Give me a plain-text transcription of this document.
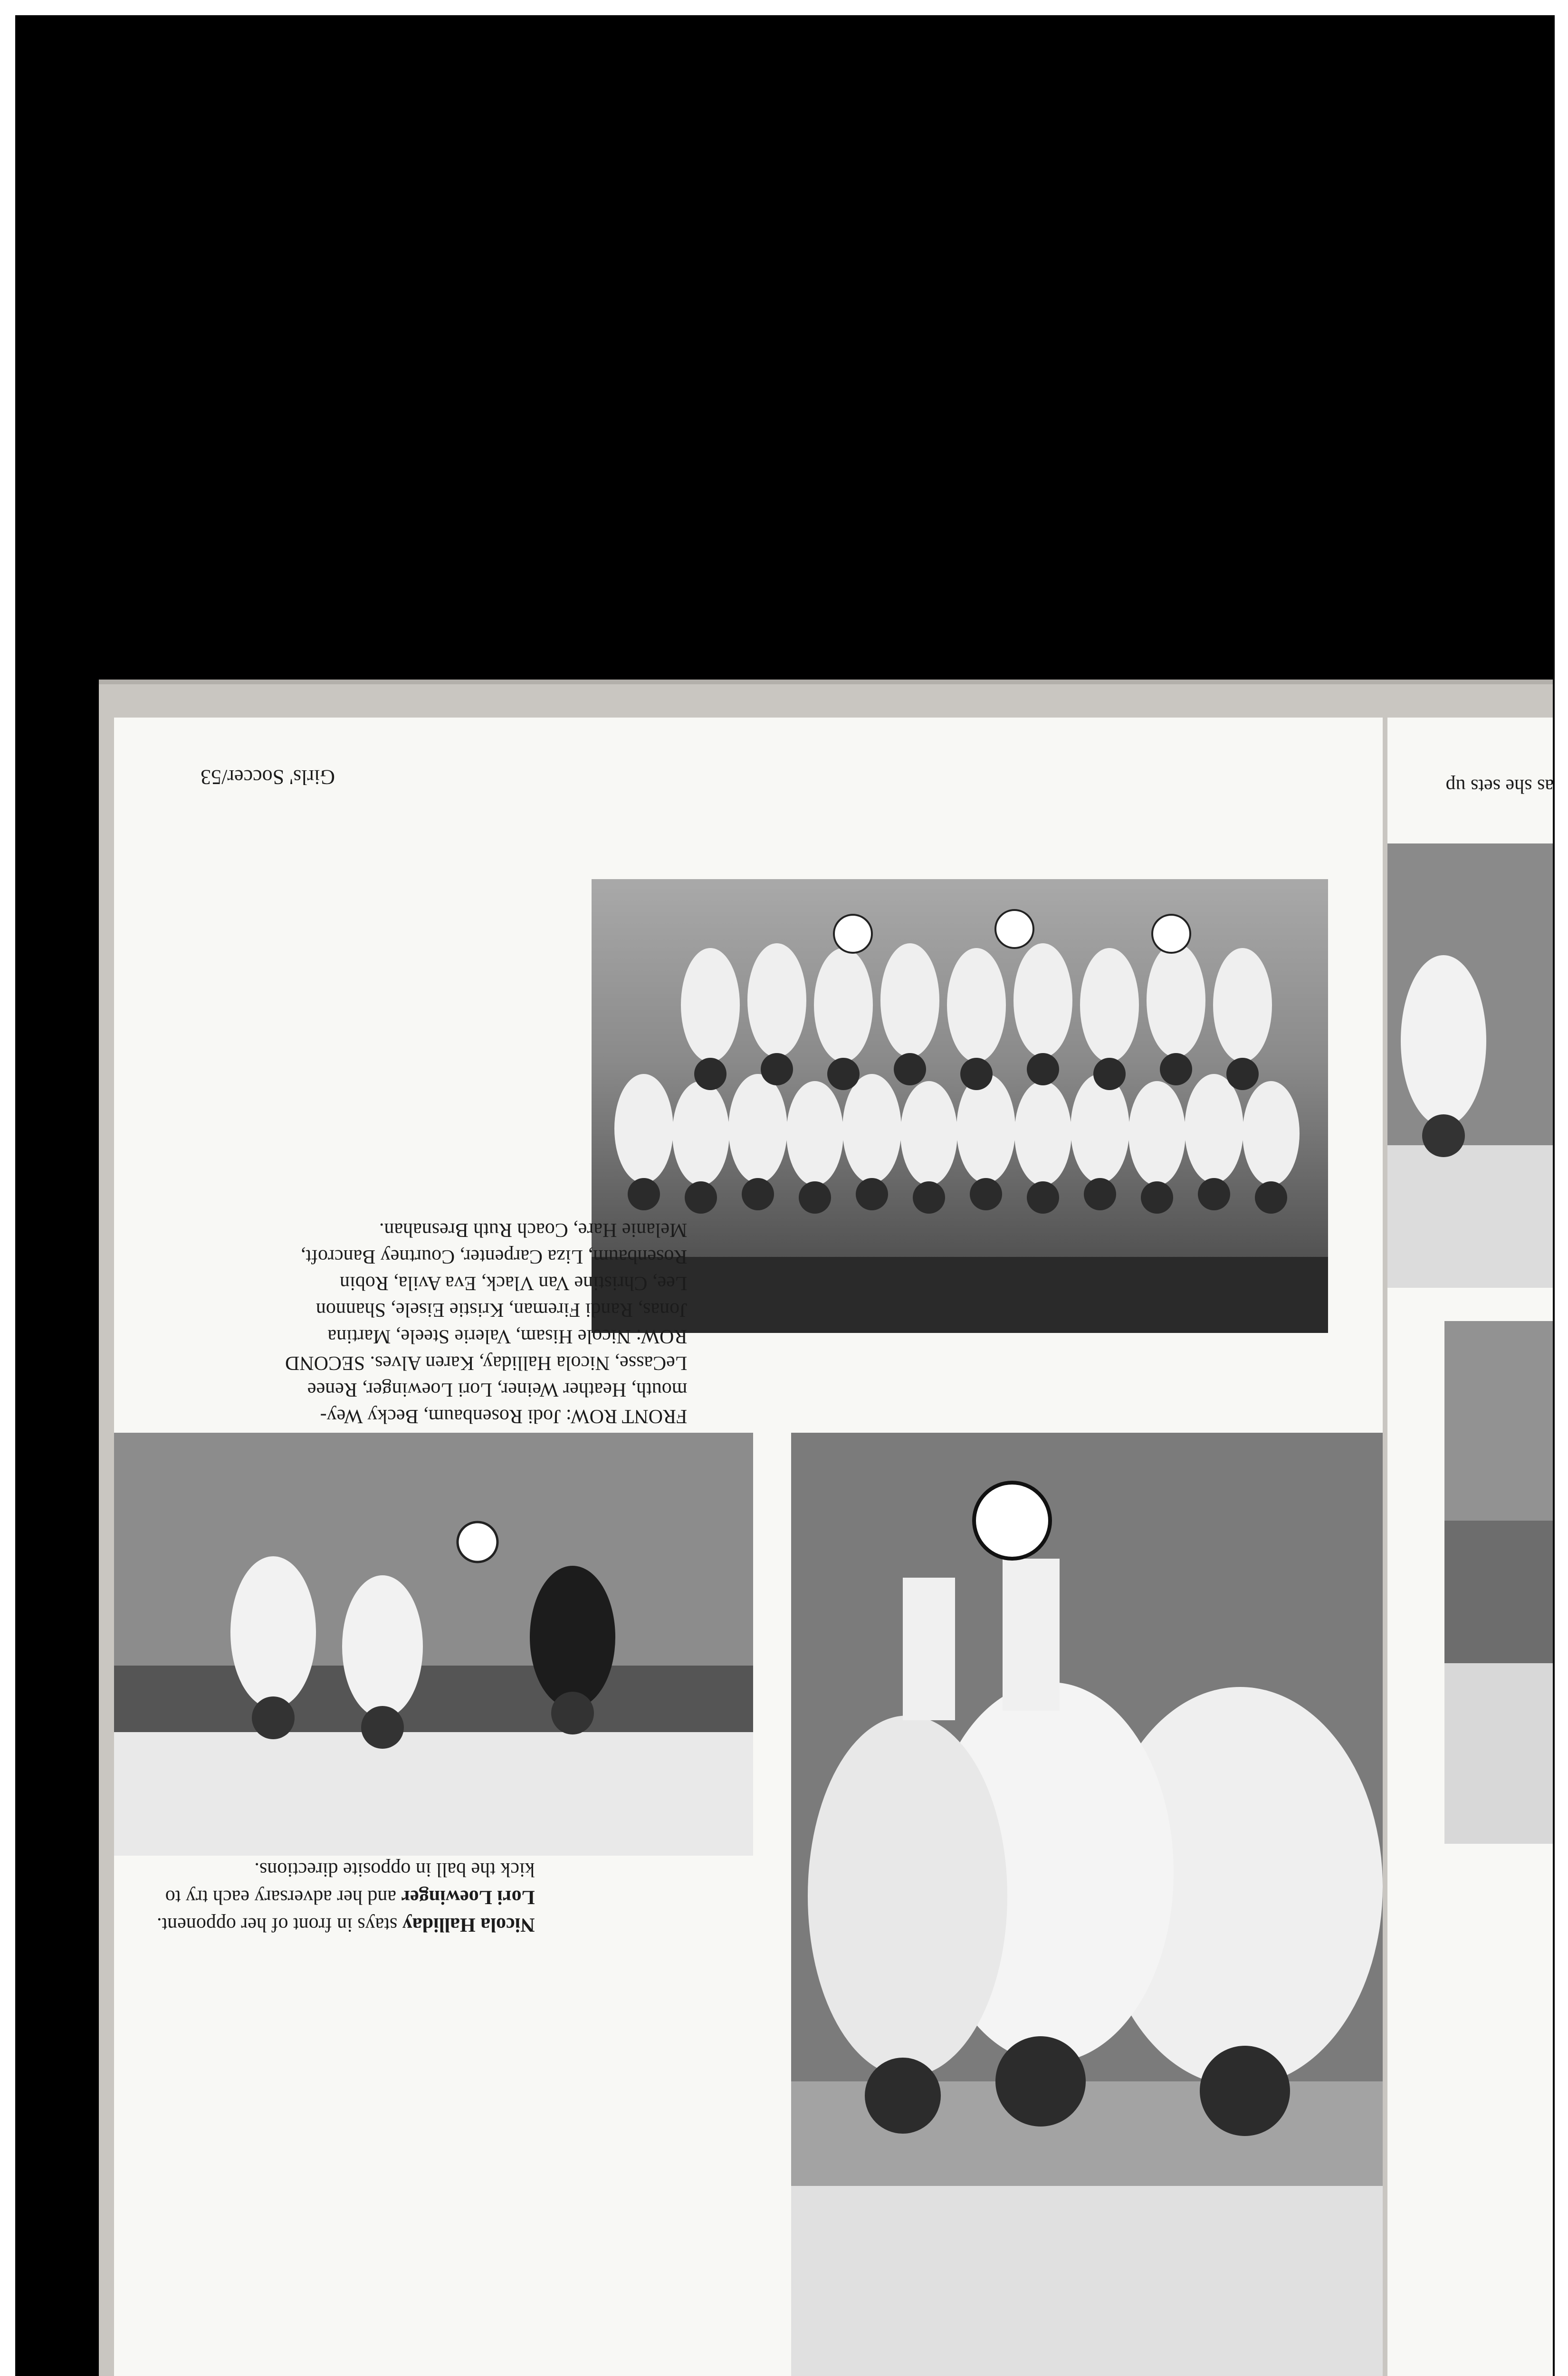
Girls' Soccer/53	as she sets up
FRONT ROW: Jodi Rosenbaum, Becky Wey-
mouth, Heather Weiner, Lori Loewinger, Renee
LeCasse, Nicola Halliday, Karen Alves. SECOND
ROW: Nicole Hisam, Valerie Steele, Martina
Jonas, Randi Fireman, Kristie Eisele, Shannon
Lee, Christine Van Vlack, Eva Avila, Robin
Rosenbaum, Liza Carpenter, Courtney Bancroft,
Melanie Hare, Coach Ruth Bresnahan.
Nicola Halliday stays in front of her opponent.
Lori Loewinger and her adversary each try to
kick the ball in opposite directions.
